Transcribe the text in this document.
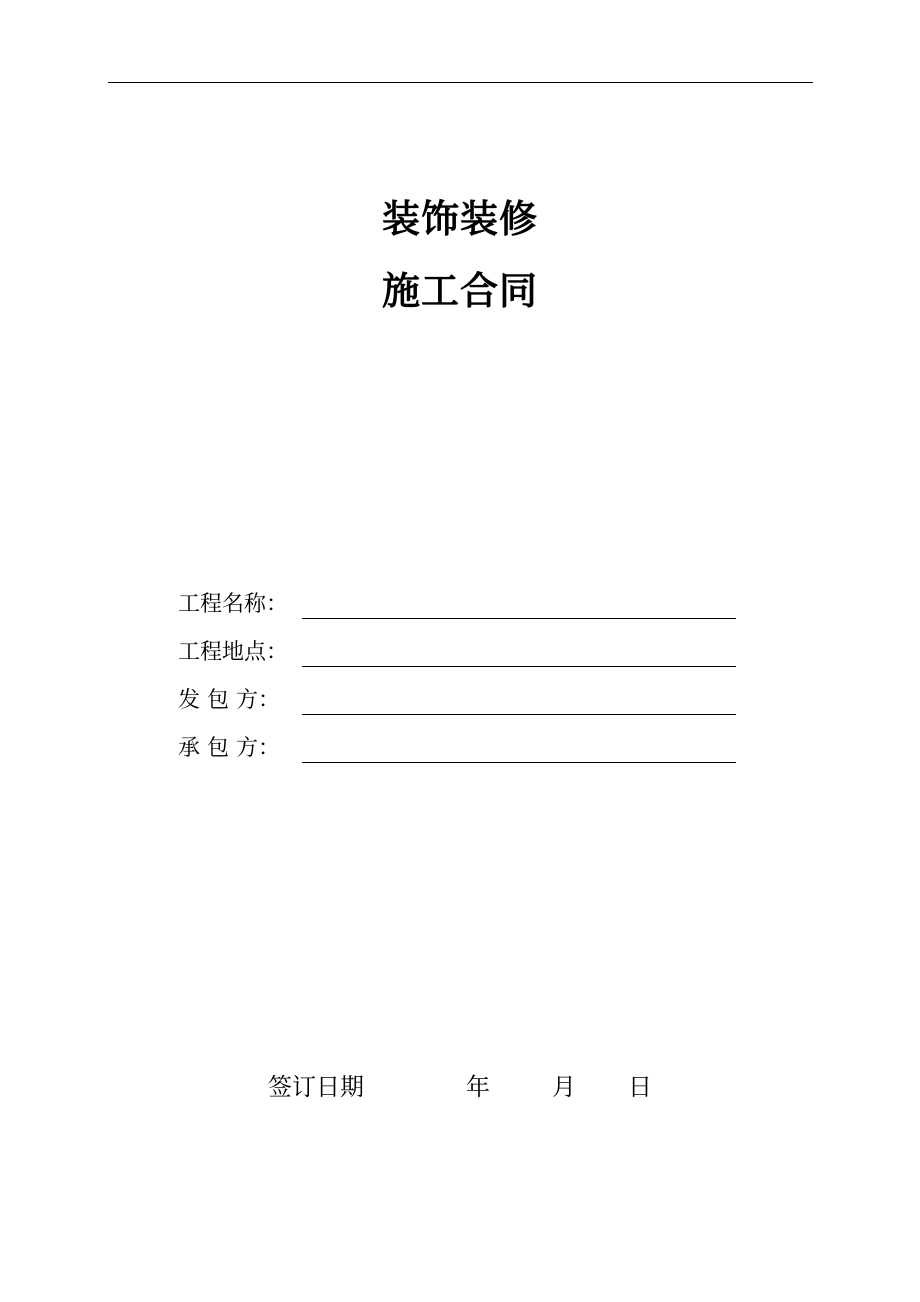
装饰装修
施工合同
工程名称：
工程地点：
发 包 方：
承 包 方：
签订日期	年	月 日
